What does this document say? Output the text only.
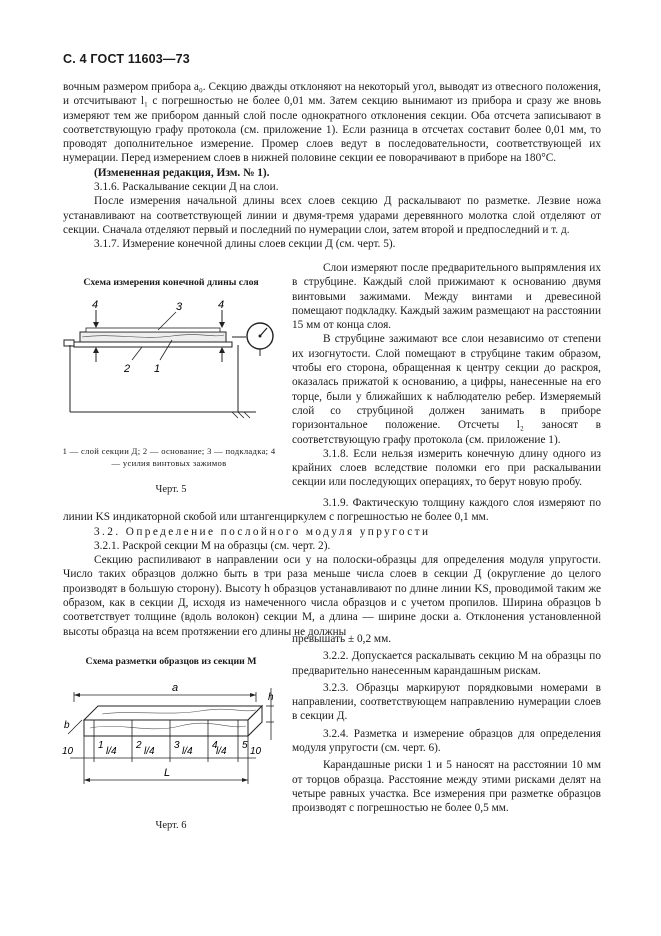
С. 4 ГОСТ 11603—73

вочным размером прибора a₀. Секцию дважды отклоняют на некоторый угол, выводят из отвесного положения, и отсчитывают l₁ с погрешностью не более 0,01 мм. Затем секцию вынимают из прибора и сразу же вновь измеряют тем же прибором данный слой после однократного отклонения секции. Оба отсчета записывают в соответствующую графу протокола (см. приложение 1). Если разница в отсчетах составит более 0,01 мм, то проводят дополнительное измерение. Промер слоев ведут в последовательности, соответствующей их нумерации. Перед измерением слоев в нижней половине секции ее поворачивают в приборе на 180°С.

(Измененная редакция, Изм. № 1).

3.1.6. Раскалывание секции Д на слои.

После измерения начальной длины всех слоев секцию Д раскалывают по разметке. Лезвие ножа устанавливают на соответствующей линии и двумя-тремя ударами деревянного молотка слой отделяют от секции. Сначала отделяют первый и последний по нумерации слои, затем второй и предпоследний и т. д.

3.1.7. Измерение конечной длины слоев секции Д (см. черт. 5).

Схема измерения конечной длины слоя
4	3	4
2 1
1 — слой секции Д; 2 — основание; 3 — подкладка; 4 — усилия винтовых зажимов
Черт. 5

Слои измеряют после предварительного выпрямления их в струбцине. Каждый слой прижимают к основанию двумя винтовыми зажимами. Между винтами и древесиной помещают подкладку. Каждый зажим размещают на расстоянии 15 мм от конца слоя.

В струбцине зажимают все слои независимо от степени их изогнутости. Слой помещают в струбцине таким образом, чтобы его сторона, обращенная к центру секции до раскроя, оказалась прижатой к основанию, а цифры, нанесенные на его торце, были у ближайших к наблюдателю ребер. Измеряемый слой со струбциной должен занимать в приборе горизонтальное положение. Отсчеты l₂ заносят в соответствующую графу протокола (см. приложение 1).

3.1.8. Если нельзя измерить конечную длину одного из крайних слоев вследствие поломки его при раскалывании секции или последующих операциях, то берут новую пробу.

3.1.9. Фактическую толщину каждого слоя измеряют по линии KS индикаторной скобой или штангенциркулем с погрешностью не более 0,1 мм.

3.2. Определение послойного модуля упругости

3.2.1. Раскрой секции М на образцы (см. черт. 2).

Секцию распиливают в направлении оси у на полоски-образцы для определения модуля упругости. Число таких образцов должно быть в три раза меньше числа слоев в секции Д (округление до целого производят в большую сторону). Высоту h образцов устанавливают по длине линии KS, проводимой таким же образом, как в секции Д, исходя из намеченного числа образцов и с учетом пропилов. Ширина образцов b соответствует толщине (вдоль волокон) секции М, а длина — ширине доски a. Отклонения установленной высоты образца на всем протяжении его длины не должны

Схема разметки образцов из секции М
a
h
b
1	2	3	4 5
10	l/4	l/4	l/4 l/4 10
L
Черт. 6

превышать ± 0,2 мм.

3.2.2. Допускается раскалывать секцию М на образцы по предварительно нанесенным карандашным рискам.

3.2.3. Образцы маркируют порядковыми номерами в направлении, соответствующем направлению нумерации слоев в секции Д.

3.2.4. Разметка и измерение образцов для определения модуля упругости (см. черт. 6).

Карандашные риски 1 и 5 наносят на расстоянии 10 мм от торцов образца. Расстояние между этими рисками делят на четыре равных участка. Все измерения при разметке образцов производят с погрешностью не более 0,5 мм.
